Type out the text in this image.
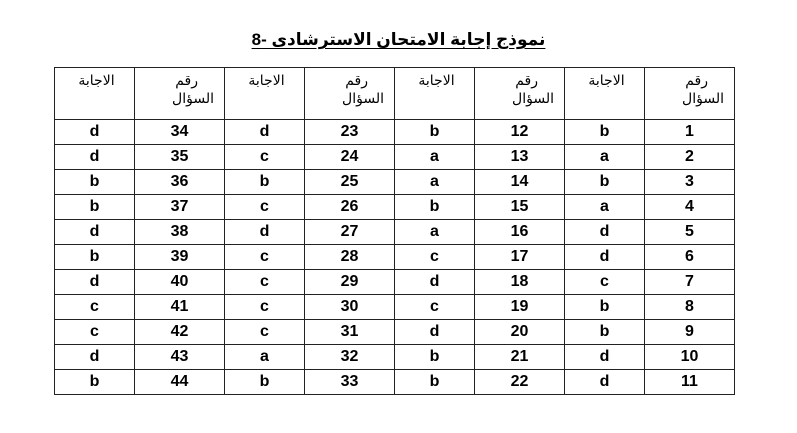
نموذج إجابة الامتحان الاسترشادى -8
رقم
السؤال	الاجابة	رقم
السؤال	الاجابة	رقم
السؤال	الاجابة	رقم
السؤال	الاجابة

1	b	12	b	23	d	34	d
2	a	13	a	24	c	35	d
3	b	14	a	25	b	36	b
4	a	15	b	26	c	37	b
5	d	16	a	27	d	38	d
6	d	17	c	28	c	39	b
7	c	18	d	29	c	40	d
8	b	19	c	30	c	41	c
9	b	20	d	31	c	42	c
10	d	21	b	32	a	43	d
11	d	22	b	33	b	44	b
